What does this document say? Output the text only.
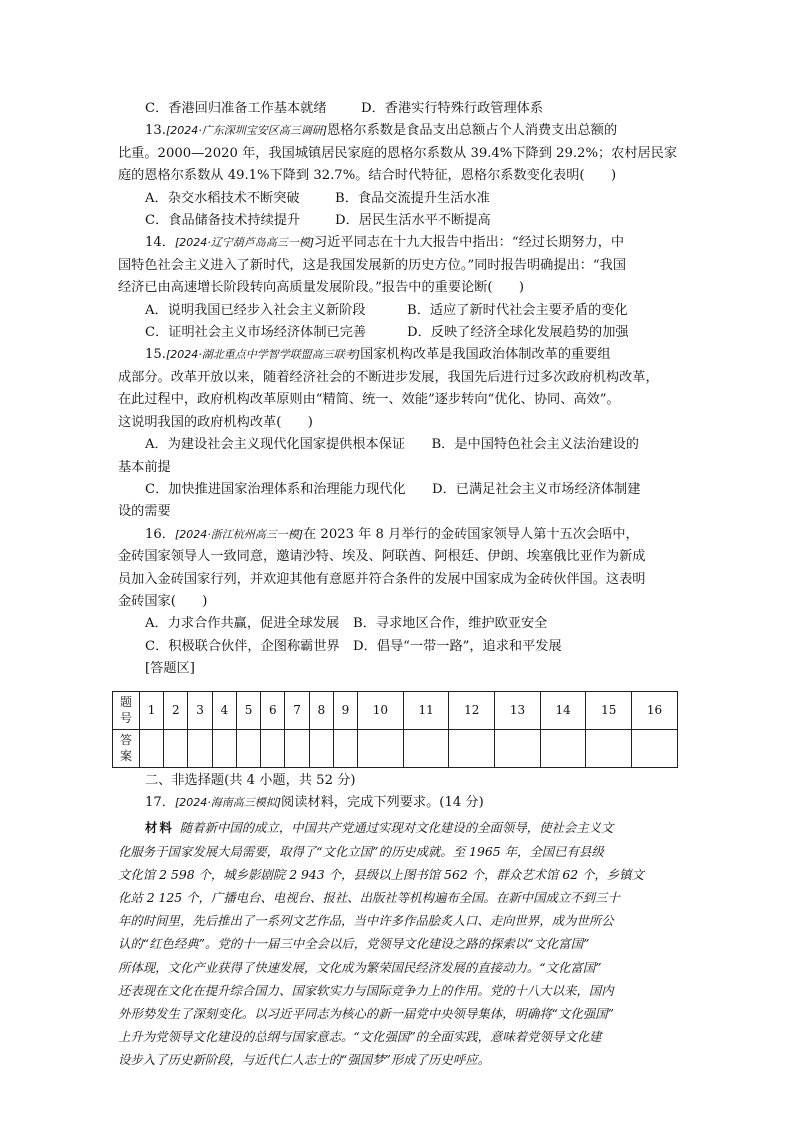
C．香港回归准备工作基本就绪	D．香港实行特殊行政管理体系
13.[2024·广东深圳宝安区高三调研]恩格尔系数是食品支出总额占个人消费支出总额的
比重。2000—2020 年，我国城镇居民家庭的恩格尔系数从 39.4%下降到 29.2%；农村居民家
庭的恩格尔系数从 49.1%下降到 32.7%。结合时代特征，恩格尔系数变化表明(　　)
A．杂交水稻技术不断突破	B．食品交流提升生活水准
C．食品储备技术持续提升	D．居民生活水平不断提高
14．[2024·辽宁葫芦岛高三一模]习近平同志在十九大报告中指出：“经过长期努力，中
国特色社会主义进入了新时代，这是我国发展新的历史方位。”同时报告明确提出：“我国
经济已由高速增长阶段转向高质量发展阶段。”报告中的重要论断(　　)
A．说明我国已经步入社会主义新阶段	B．适应了新时代社会主要矛盾的变化
C．证明社会主义市场经济体制已完善	D．反映了经济全球化发展趋势的加强
15.[2024·湖北重点中学智学联盟高三联考]国家机构改革是我国政治体制改革的重要组
成部分。改革开放以来，随着经济社会的不断进步发展，我国先后进行过多次政府机构改革，
在此过程中，政府机构改革原则由“精简、统一、效能”逐步转向“优化、协同、高效”。
这说明我国的政府机构改革(　　)
A．为建设社会主义现代化国家提供根本保证　　B．是中国特色社会主义法治建设的
基本前提
C．加快推进国家治理体系和治理能力现代化　　D．已满足社会主义市场经济体制建
设的需要
16．[2024·浙江杭州高三一模]在 2023 年 8 月举行的金砖国家领导人第十五次会晤中，
金砖国家领导人一致同意，邀请沙特、埃及、阿联酋、阿根廷、伊朗、埃塞俄比亚作为新成
员加入金砖国家行列，并欢迎其他有意愿并符合条件的发展中国家成为金砖伙伴国。这表明
金砖国家(　　)
A．力求合作共赢，促进全球发展	B．寻求地区合作，维护欧亚安全
C．积极联合伙伴，企图称霸世界	D．倡导“一带一路”，追求和平发展
[答题区]
题
号	1	2	3	4	5	6	7	8	9	10	11	12	13	14	15	16

答
案																

二、非选择题(共 4 小题，共 52 分)
17．[2024·海南高三模拟]阅读材料，完成下列要求。(14 分)

材料 随着新中国的成立，中国共产党通过实现对文化建设的全面领导，使社会主义文

化服务于国家发展大局需要，取得了“文化立国”的历史成就。至 1965 年，全国已有县级
文化馆 2 598 个，城乡影剧院 2 943 个，县级以上图书馆 562 个，群众艺术馆 62 个，乡镇文
化站 2 125 个，广播电台、电视台、报社、出版社等机构遍布全国。在新中国成立不到三十
年的时间里，先后推出了一系列文艺作品，当中许多作品脍炙人口、走向世界，成为世所公
认的“红色经典”。党的十一届三中全会以后，党领导文化建设之路的探索以“文化富国”
所体现，文化产业获得了快速发展，文化成为繁荣国民经济发展的直接动力。“文化富国”
还表现在文化在提升综合国力、国家软实力与国际竞争力上的作用。党的十八大以来，国内
外形势发生了深刻变化。以习近平同志为核心的新一届党中央领导集体，明确将“文化强国”
上升为党领导文化建设的总纲与国家意志。“文化强国”的全面实践，意味着党领导文化建
设步入了历史新阶段，与近代仁人志士的“强国梦”形成了历史呼应。
